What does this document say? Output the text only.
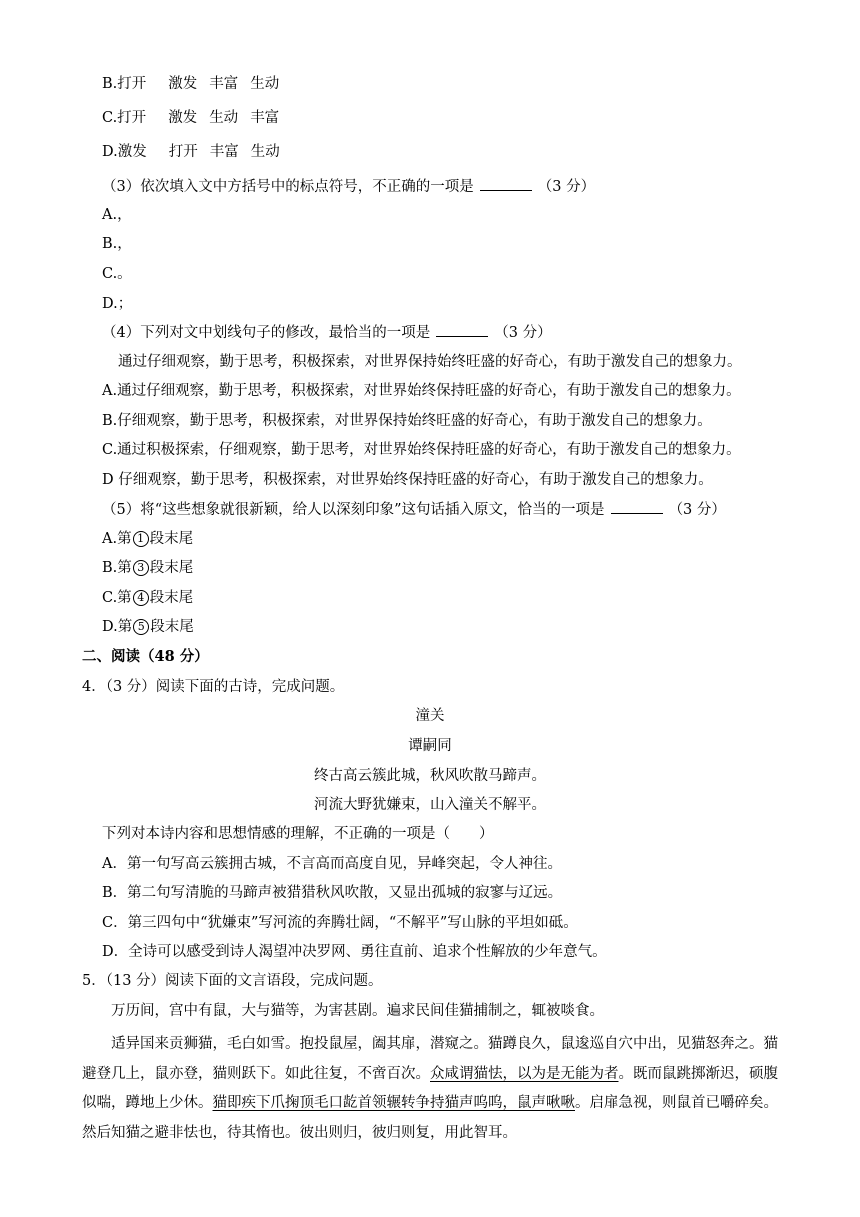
B.打开 激发 丰富 生动
C.打开 激发 生动 丰富
D.激发 打开 丰富 生动
（3）依次填入文中方括号中的标点符号，不正确的一项是	（3 分）
A.，
B.，
C.。
D.；
（4）下列对文中划线句子的修改，最恰当的一项是	（3 分）
通过仔细观察，勤于思考，积极探索，对世界保持始终旺盛的好奇心，有助于激发自己的想象力。
A.通过仔细观察，勤于思考，积极探索，对世界始终保持旺盛的好奇心，有助于激发自己的想象力。
B.仔细观察，勤于思考，积极探索，对世界保持始终旺盛的好奇心，有助于激发自己的想象力。
C.通过积极探索，仔细观察，勤于思考，对世界始终保持旺盛的好奇心，有助于激发自己的想象力。
D 仔细观察，勤于思考，积极探索，对世界始终保持旺盛的好奇心，有助于激发自己的想象力。
（5）将“这些想象就很新颖，给人以深刻印象”这句话插入原文，恰当的一项是	（3 分）
A.第 1 段末尾
B.第 3 段末尾
C.第 4 段末尾
D.第 5 段末尾
二、阅读（48 分）
4．（3 分）阅读下面的古诗，完成问题。
潼关
谭嗣同
终古高云簇此城，秋风吹散马蹄声。
河流大野犹嫌束，山入潼关不解平。
下列对本诗内容和思想情感的理解，不正确的一项是（　　）
A．第一句写高云簇拥古城，不言高而高度自见，异峰突起，令人神往。
B．第二句写清脆的马蹄声被猎猎秋风吹散，又显出孤城的寂寥与辽远。
C．第三四句中“犹嫌束”写河流的奔腾壮阔，“不解平”写山脉的平坦如砥。
D．全诗可以感受到诗人渴望冲决罗网、勇往直前、追求个性解放的少年意气。
5．（13 分）阅读下面的文言语段，完成问题。
万历间，宫中有鼠，大与猫等，为害甚剧。遍求民间佳猫捕制之，辄被啖食。
适异国来贡狮猫，毛白如雪。抱投鼠屋，阖其扉，潜窥之。猫蹲良久，鼠逡巡自穴中出，见猫怒奔之。猫避登几上，鼠亦登，猫则跃下。如此往复，不啻百次。众咸谓猫怯，以为是无能为者。既而鼠跳掷渐迟，硕腹似喘，蹲地上少休。猫即疾下爪掬顶毛口龁首领辗转争持猫声呜呜，鼠声啾啾。启扉急视，则鼠首已嚼碎矣。然后知猫之避非怯也，待其惰也。彼出则归，彼归则复，用此智耳。
